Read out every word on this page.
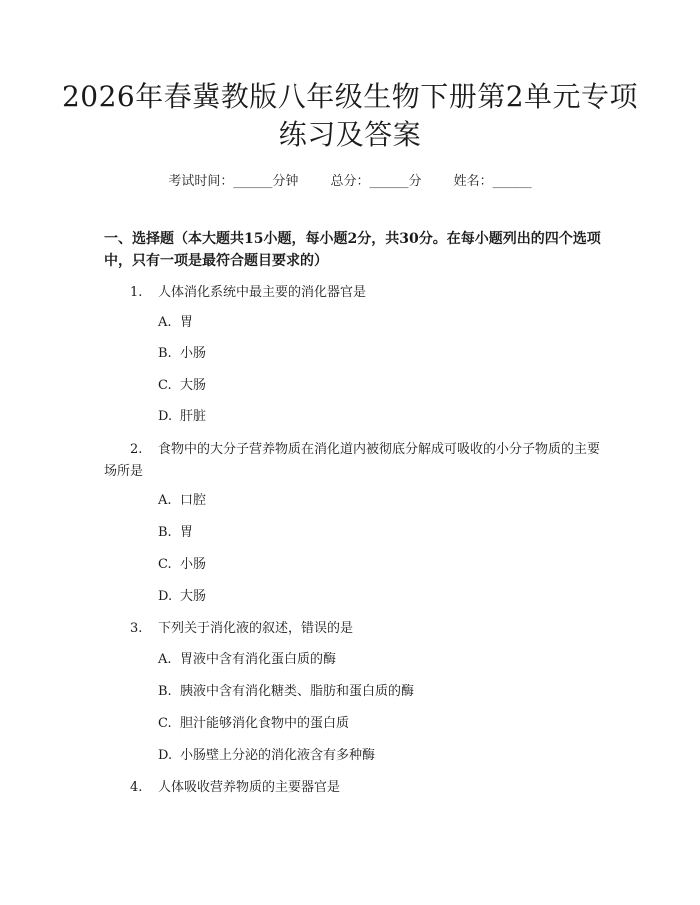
2026年春冀教版八年级生物下册第2单元专项练习及答案
考试时间：______分钟 总分：______分 姓名：______
一、选择题（本大题共15小题，每小题2分，共30分。在每小题列出的四个选项中，只有一项是最符合题目要求的）
1. 人体消化系统中最主要的消化器官是
A. 胃
B. 小肠
C. 大肠
D. 肝脏
2. 食物中的大分子营养物质在消化道内被彻底分解成可吸收的小分子物质的主要场所是
A. 口腔
B. 胃
C. 小肠
D. 大肠
3. 下列关于消化液的叙述，错误的是
A. 胃液中含有消化蛋白质的酶
B. 胰液中含有消化糖类、脂肪和蛋白质的酶
C. 胆汁能够消化食物中的蛋白质
D. 小肠壁上分泌的消化液含有多种酶
4. 人体吸收营养物质的主要器官是
